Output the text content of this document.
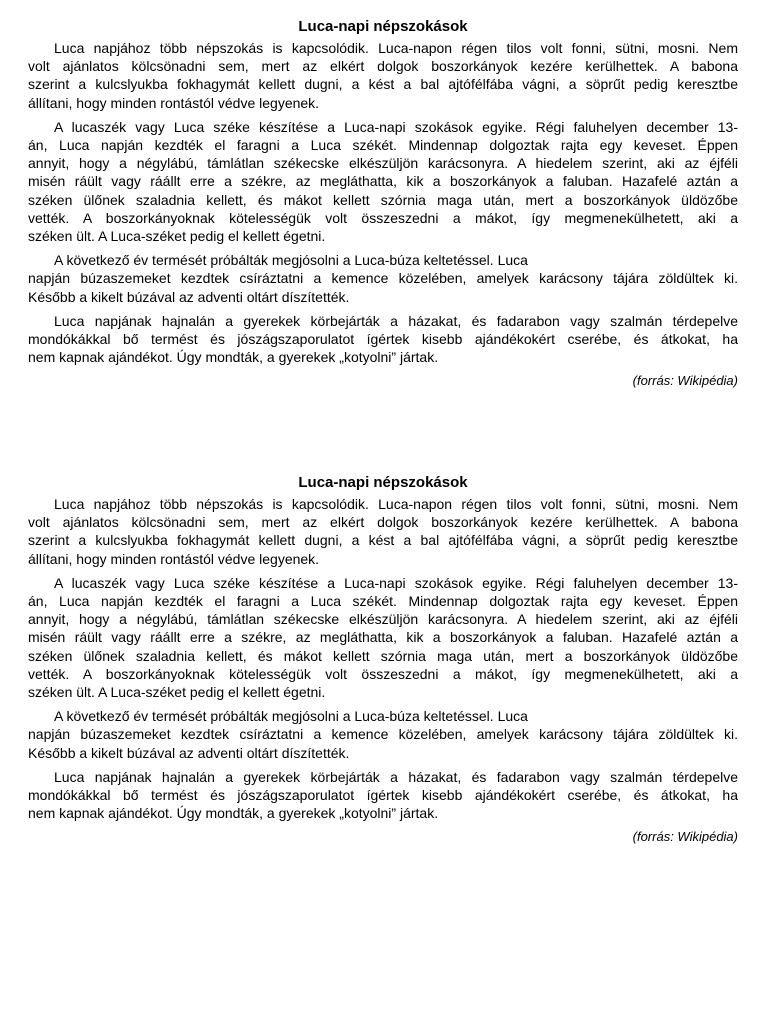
Luca-napi népszokások

Luca napjához több népszokás is kapcsolódik. Luca-napon régen tilos volt fonni, sütni, mosni. Nem
volt ajánlatos kölcsönadni sem, mert az elkért dolgok boszorkányok kezére kerülhettek. A babona
szerint a kulcslyukba fokhagymát kellett dugni, a kést a bal ajtófélfába vágni, a söprűt pedig keresztbe
állítani, hogy minden rontástól védve legyenek.

A lucaszék vagy Luca széke készítése a Luca-napi szokások egyike. Régi faluhelyen december 13-
án, Luca napján kezdték el faragni a Luca székét. Mindennap dolgoztak rajta egy keveset. Éppen
annyit, hogy a négylábú, támlátlan székecske elkészüljön karácsonyra. A hiedelem szerint, aki az éjféli
misén ráült vagy ráállt erre a székre, az megláthatta, kik a boszorkányok a faluban. Hazafelé aztán a
széken ülőnek szaladnia kellett, és mákot kellett szórnia maga után, mert a boszorkányok üldözőbe
vették. A boszorkányoknak kötelességük volt összeszedni a mákot, így megmenekülhetett, aki a
széken ült. A Luca-széket pedig el kellett égetni.

A következő év termését próbálták megjósolni a Luca-búza keltetéssel. Luca
napján búzaszemeket kezdtek csíráztatni a kemence közelében, amelyek karácsony tájára zöldültek ki.
Később a kikelt búzával az adventi oltárt díszítették.

Luca napjának hajnalán a gyerekek körbejárták a házakat, és fadarabon vagy szalmán térdepelve
mondókákkal bő termést és jószágszaporulatot ígértek kisebb ajándékokért cserébe, és átkokat, ha
nem kapnak ajándékot. Úgy mondták, a gyerekek „kotyolni” jártak.

(forrás: Wikipédia)
Luca-napi népszokások

Luca napjához több népszokás is kapcsolódik. Luca-napon régen tilos volt fonni, sütni, mosni. Nem
volt ajánlatos kölcsönadni sem, mert az elkért dolgok boszorkányok kezére kerülhettek. A babona
szerint a kulcslyukba fokhagymát kellett dugni, a kést a bal ajtófélfába vágni, a söprűt pedig keresztbe
állítani, hogy minden rontástól védve legyenek.

A lucaszék vagy Luca széke készítése a Luca-napi szokások egyike. Régi faluhelyen december 13-
án, Luca napján kezdték el faragni a Luca székét. Mindennap dolgoztak rajta egy keveset. Éppen
annyit, hogy a négylábú, támlátlan székecske elkészüljön karácsonyra. A hiedelem szerint, aki az éjféli
misén ráült vagy ráállt erre a székre, az megláthatta, kik a boszorkányok a faluban. Hazafelé aztán a
széken ülőnek szaladnia kellett, és mákot kellett szórnia maga után, mert a boszorkányok üldözőbe
vették. A boszorkányoknak kötelességük volt összeszedni a mákot, így megmenekülhetett, aki a
széken ült. A Luca-széket pedig el kellett égetni.

A következő év termését próbálták megjósolni a Luca-búza keltetéssel. Luca
napján búzaszemeket kezdtek csíráztatni a kemence közelében, amelyek karácsony tájára zöldültek ki.
Később a kikelt búzával az adventi oltárt díszítették.

Luca napjának hajnalán a gyerekek körbejárták a házakat, és fadarabon vagy szalmán térdepelve
mondókákkal bő termést és jószágszaporulatot ígértek kisebb ajándékokért cserébe, és átkokat, ha
nem kapnak ajándékot. Úgy mondták, a gyerekek „kotyolni” jártak.

(forrás: Wikipédia)
